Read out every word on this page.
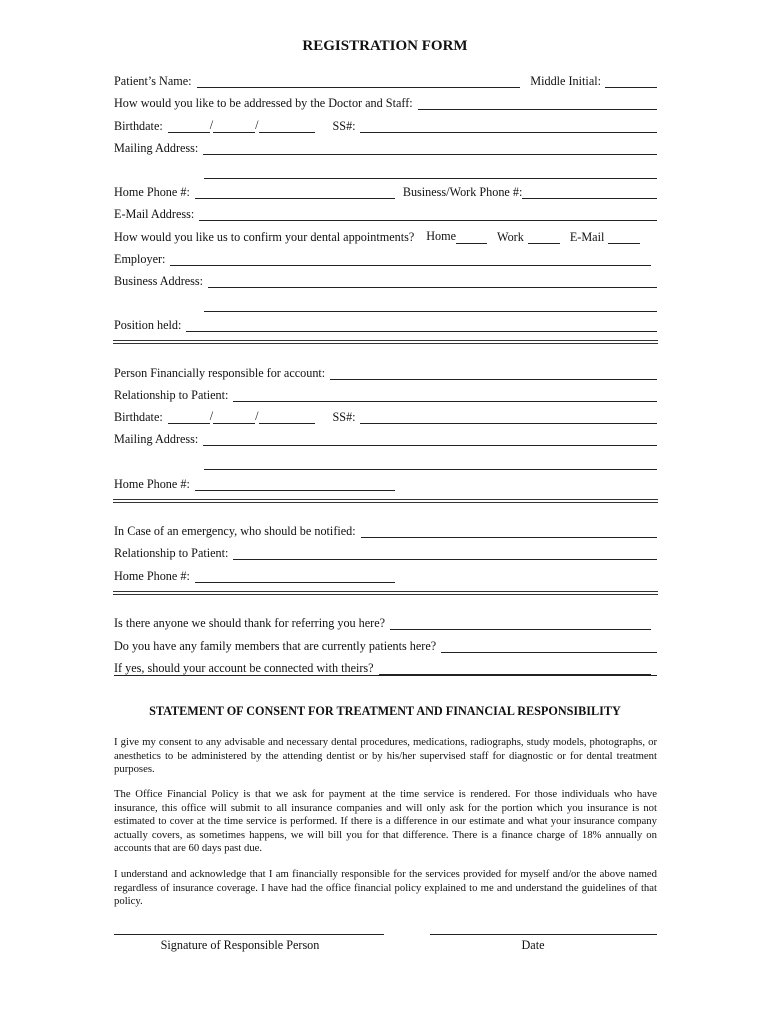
REGISTRATION FORM
Patient’s Name:	Middle Initial:
How would you like to be addressed by the Doctor and Staff:
Birthdate:	/	/	SS#:
Mailing Address:
Home Phone #:	Business/Work Phone #:
E-Mail Address:
How would you like us to confirm your dental appointments? Home	Work	E-Mail
Employer:
Business Address:
Position held:
Person Financially responsible for account:
Relationship to Patient:
Birthdate:	/	/	SS#:
Mailing Address:
Home Phone #:
In Case of an emergency, who should be notified:
Relationship to Patient:
Home Phone #:
Is there anyone we should thank for referring you here?
Do you have any family members that are currently patients here?
If yes, should your account be connected with theirs?
STATEMENT OF CONSENT FOR TREATMENT AND FINANCIAL RESPONSIBILITY
I give my consent to any advisable and necessary dental procedures, medications, radiographs, study models, photographs, or anesthetics to be administered by the attending dentist or by his/her supervised staff for diagnostic or for dental treatment purposes.
The Office Financial Policy is that we ask for payment at the time service is rendered. For those individuals who have insurance, this office will submit to all insurance companies and will only ask for the portion which you insurance is not estimated to cover at the time service is performed. If there is a difference in our estimate and what your insurance company actually covers, as sometimes happens, we will bill you for that difference. There is a finance charge of 18% annually on accounts that are 60 days past due.
I understand and acknowledge that I am financially responsible for the services provided for myself and/or the above named regardless of insurance coverage. I have had the office financial policy explained to me and understand the guidelines of that policy.
Signature of Responsible Person	Date
